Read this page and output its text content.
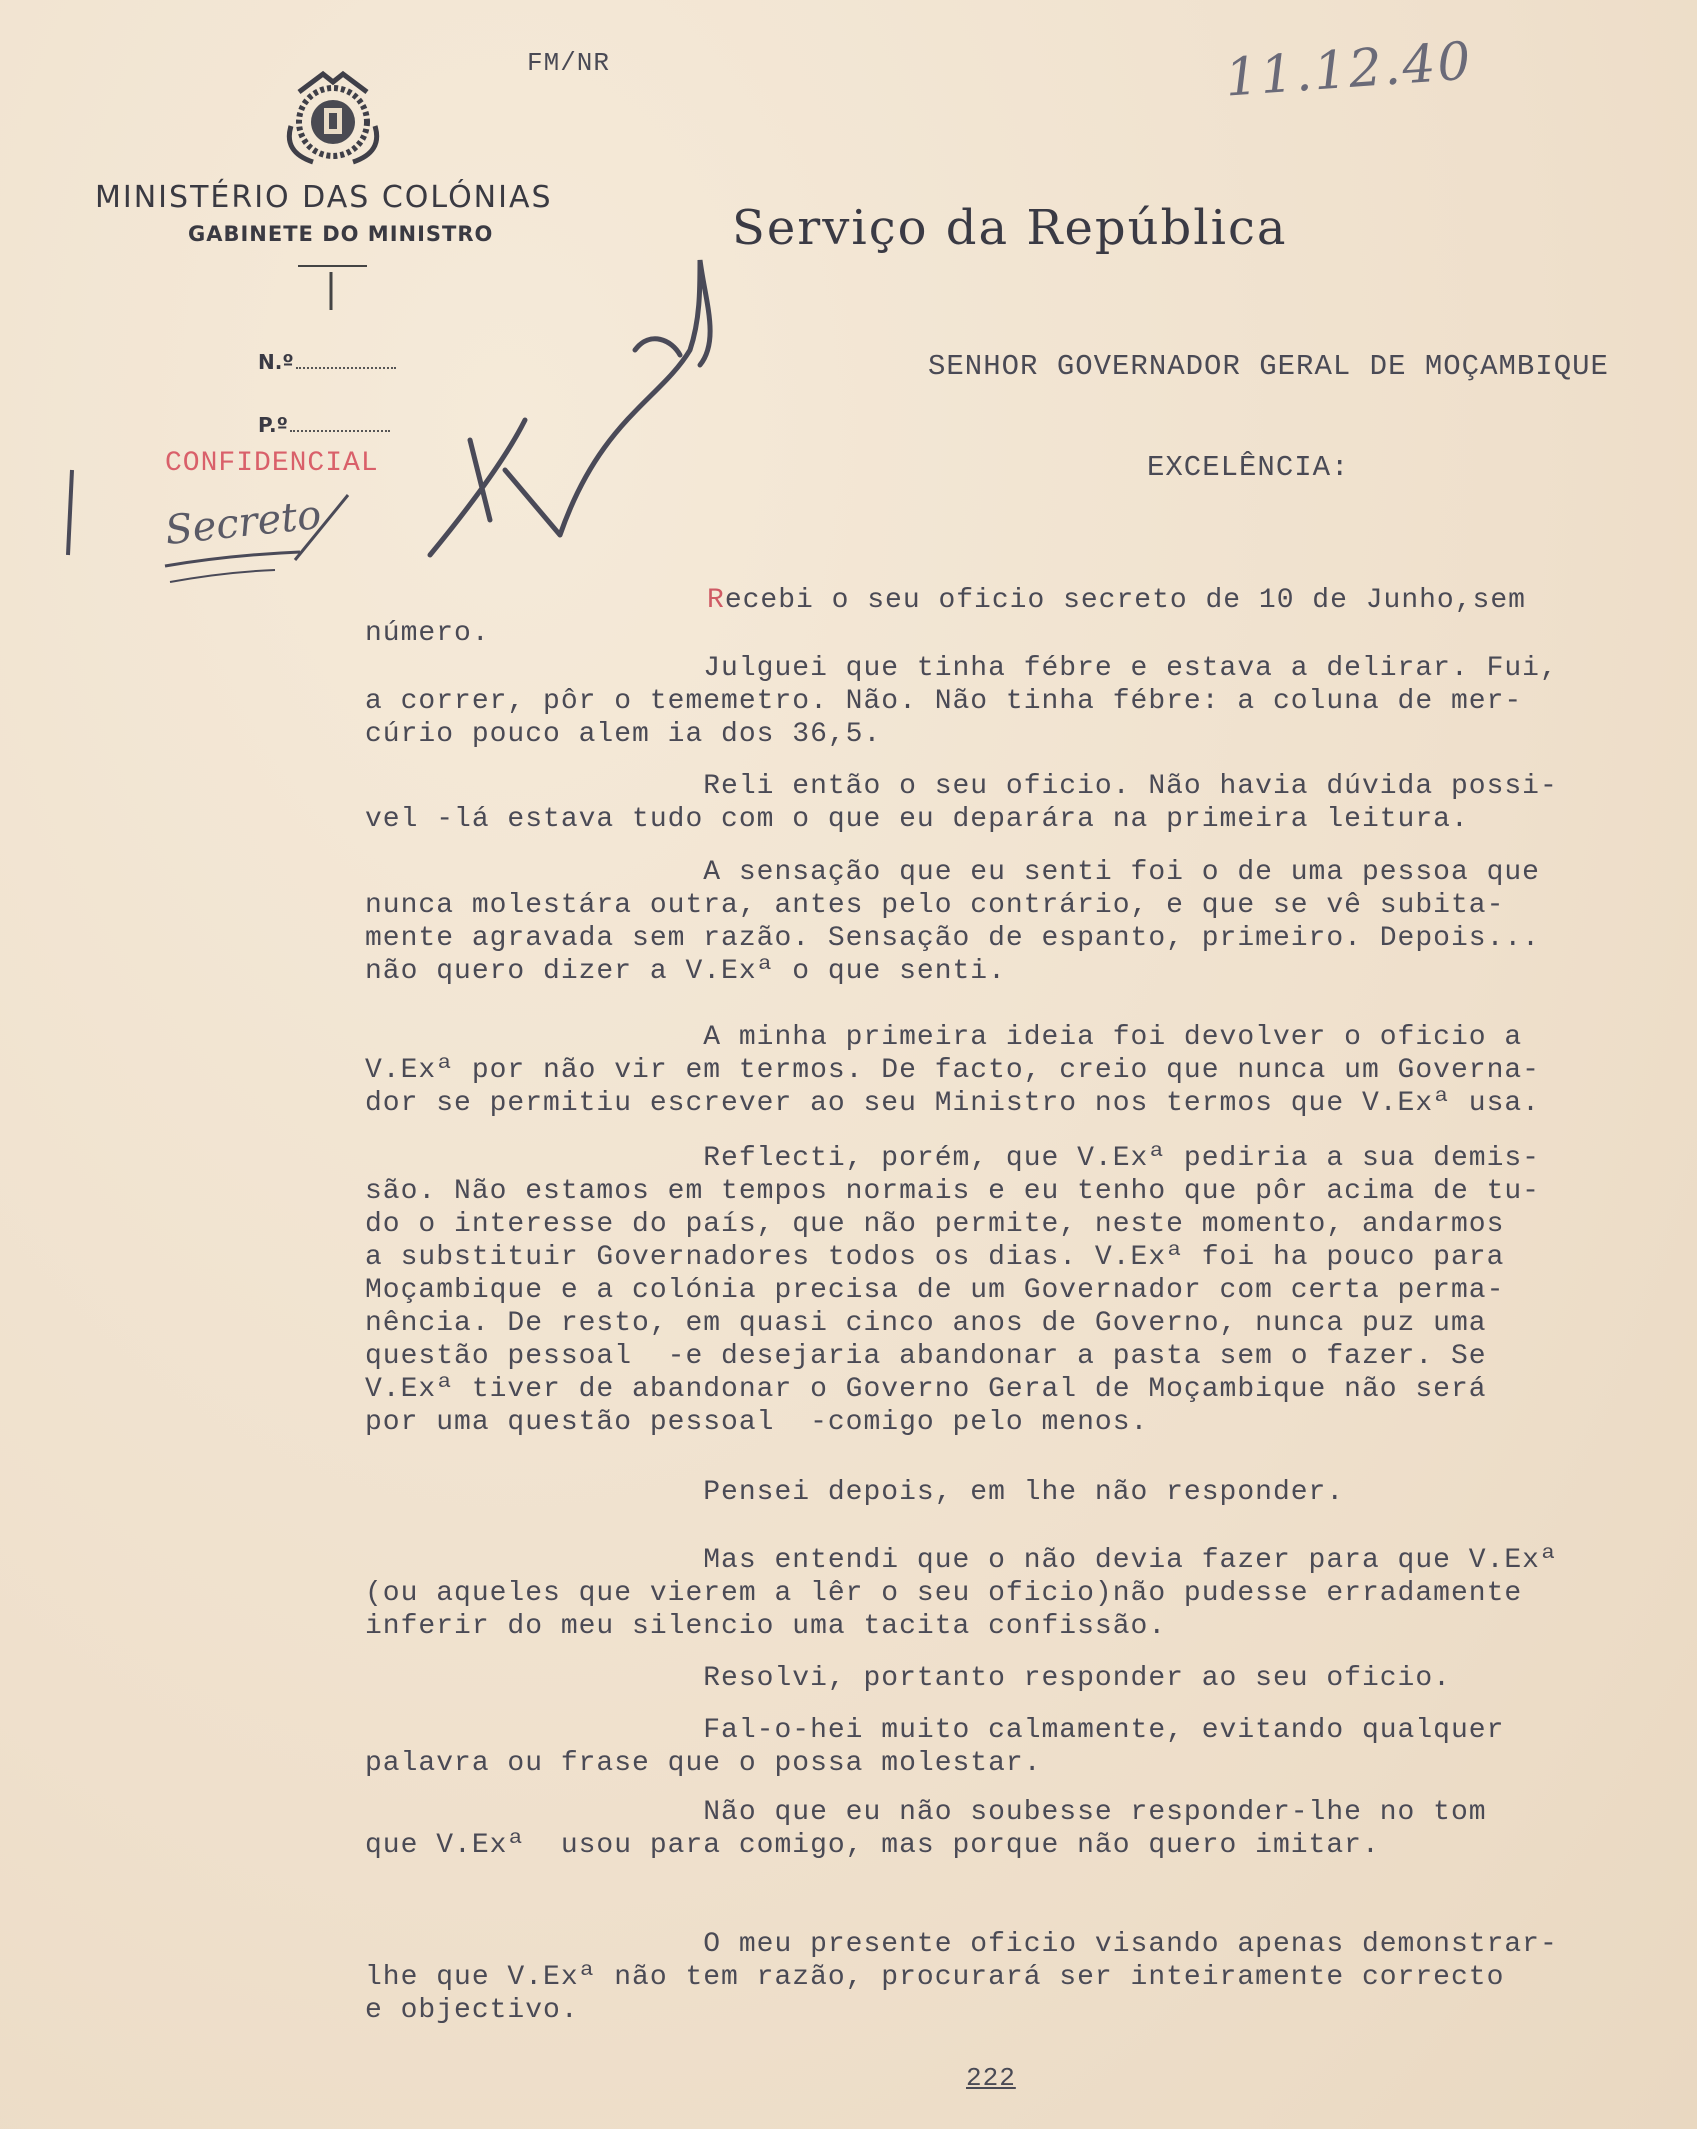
FM/NR	11.12.40
MINISTÉRIO DAS COLÓNIAS
GABINETE DO MINISTRO	Serviço da República
N.º
P.º
CONFIDENCIAL
Secreto
SENHOR GOVERNADOR GERAL DE MOÇAMBIQUE
EXCELÊNCIA:
Recebi o seu oficio secreto de 10 de Junho,sem
número.
Julguei que tinha fébre e estava a delirar. Fui,
a correr, pôr o tememetro. Não. Não tinha fébre: a coluna de mer-
cúrio pouco alem ia dos 36,5.
Reli então o seu oficio. Não havia dúvida possi-
vel -lá estava tudo com o que eu deparára na primeira leitura.
A sensação que eu senti foi o de uma pessoa que
nunca molestára outra, antes pelo contrário, e que se vê subita-
mente agravada sem razão. Sensação de espanto, primeiro. Depois...
não quero dizer a V.Exª o que senti.
A minha primeira ideia foi devolver o oficio a
V.Exª por não vir em termos. De facto, creio que nunca um Governa-
dor se permitiu escrever ao seu Ministro nos termos que V.Exª usa.
Reflecti, porém, que V.Exª pediria a sua demis-
são. Não estamos em tempos normais e eu tenho que pôr acima de tu-
do o interesse do país, que não permite, neste momento, andarmos
a substituir Governadores todos os dias. V.Exª foi ha pouco para
Moçambique e a colónia precisa de um Governador com certa perma-
nência. De resto, em quasi cinco anos de Governo, nunca puz uma
questão pessoal  -e desejaria abandonar a pasta sem o fazer. Se
V.Exª tiver de abandonar o Governo Geral de Moçambique não será
por uma questão pessoal  -comigo pelo menos.
Pensei depois, em lhe não responder.
Mas entendi que o não devia fazer para que V.Exª
(ou aqueles que vierem a lêr o seu oficio)não pudesse erradamente
inferir do meu silencio uma tacita confissão.
Resolvi, portanto responder ao seu oficio.
Fal-o-hei muito calmamente, evitando qualquer
palavra ou frase que o possa molestar.
Não que eu não soubesse responder-lhe no tom
que V.Exª  usou para comigo, mas porque não quero imitar.
O meu presente oficio visando apenas demonstrar-
lhe que V.Exª não tem razão, procurará ser inteiramente correcto
e objectivo.
222
